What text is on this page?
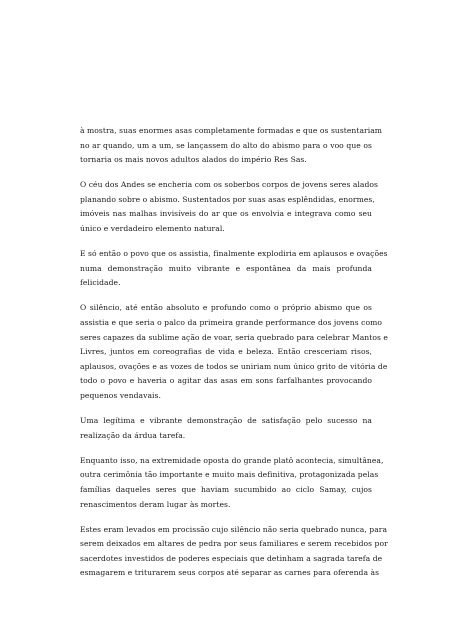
à mostra, suas enormes asas completamente formadas e que os sustentariam
no ar quando, um a um, se lançassem do alto do abismo para o voo que os
tornaria os mais novos adultos alados do império Res Sas.

O céu dos Andes se encheria com os soberbos corpos de jovens seres alados
planando sobre o abismo. Sustentados por suas asas esplêndidas, enormes,
imóveis nas malhas invisíveis do ar que os envolvia e integrava como seu
único e verdadeiro elemento natural.

E só então o povo que os assistia, finalmente explodiria em aplausos e ovações
numa demonstração muito vibrante e espontânea da mais profunda
felicidade.

O silêncio, até então absoluto e profundo como o próprio abismo que os
assistia e que seria o palco da primeira grande performance dos jovens como
seres capazes da sublime ação de voar, seria quebrado para celebrar Mantos e
Livres, juntos em coreografias de vida e beleza. Então cresceriam risos,
aplausos, ovações e as vozes de todos se uniriam num único grito de vitória de
todo o povo e haveria o agitar das asas em sons farfalhantes provocando
pequenos vendavais.

Uma legítima e vibrante demonstração de satisfação pelo sucesso na
realização da árdua tarefa.

Enquanto isso, na extremidade oposta do grande platô acontecia, simultânea,
outra cerimônia tão importante e muito mais definitiva, protagonizada pelas
famílias daqueles seres que haviam sucumbido ao ciclo Samay, cujos
renascimentos deram lugar às mortes.

Estes eram levados em procissão cujo silêncio não seria quebrado nunca, para
serem deixados em altares de pedra por seus familiares e serem recebidos por
sacerdotes investidos de poderes especiais que detinham a sagrada tarefa de
esmagarem e triturarem seus corpos até separar as carnes para oferenda às
